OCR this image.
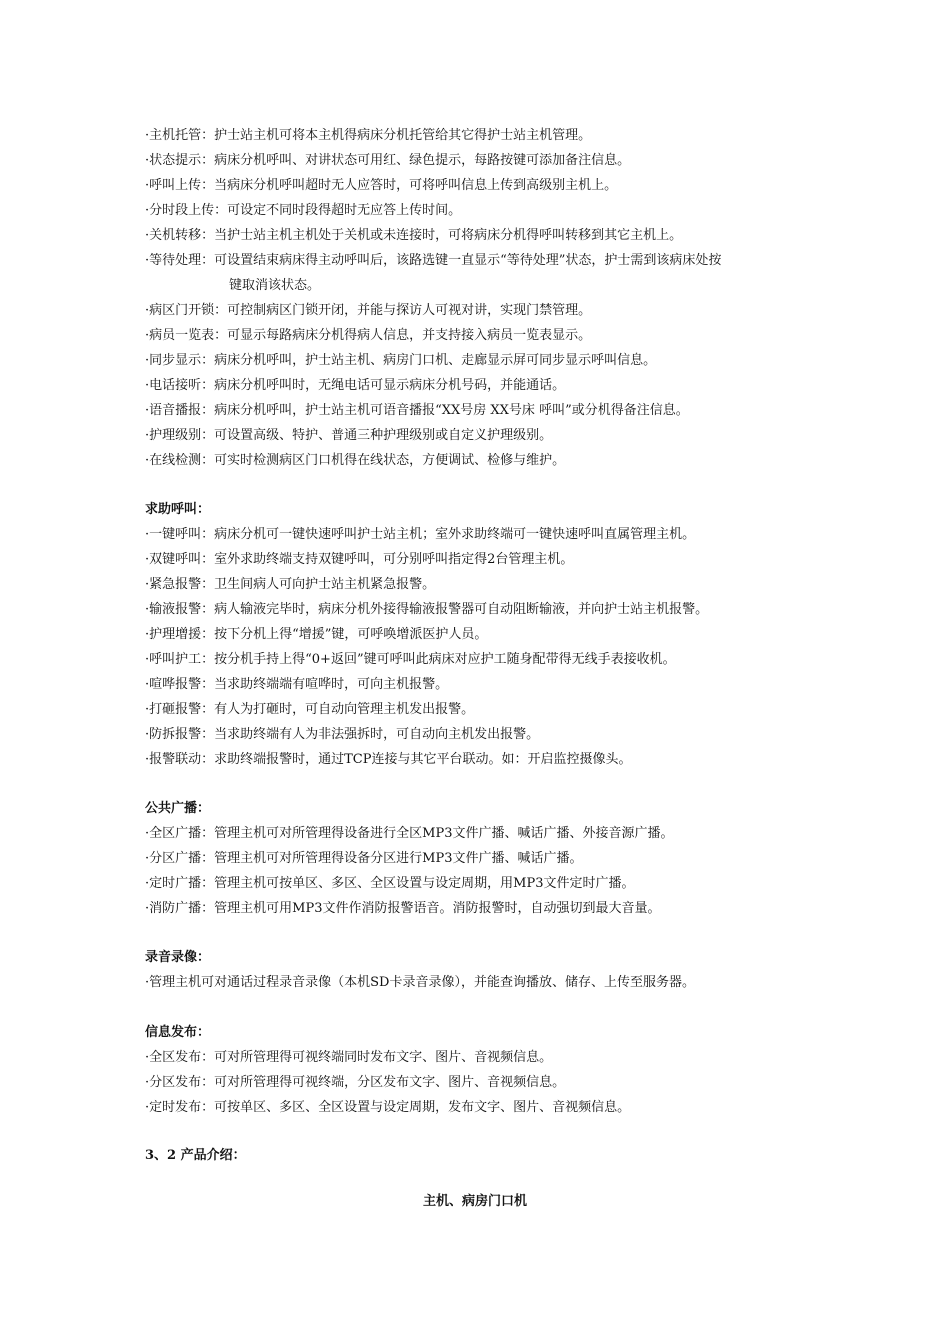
·主机托管：护士站主机可将本主机得病床分机托管给其它得护士站主机管理。
·状态提示：病床分机呼叫、对讲状态可用红、绿色提示，每路按键可添加备注信息。
·呼叫上传：当病床分机呼叫超时无人应答时，可将呼叫信息上传到高级别主机上。
·分时段上传：可设定不同时段得超时无应答上传时间。
·关机转移：当护士站主机主机处于关机或未连接时，可将病床分机得呼叫转移到其它主机上。
·等待处理：可设置结束病床得主动呼叫后，该路选键一直显示“等待处理”状态，护士需到该病床处按
键取消该状态。
·病区门开锁：可控制病区门锁开闭，并能与探访人可视对讲，实现门禁管理。
·病员一览表：可显示每路病床分机得病人信息，并支持接入病员一览表显示。
·同步显示：病床分机呼叫，护士站主机、病房门口机、走廊显示屏可同步显示呼叫信息。
·电话接听：病床分机呼叫时，无绳电话可显示病床分机号码，并能通话。
·语音播报：病床分机呼叫，护士站主机可语音播报“XX号房 XX号床 呼叫”或分机得备注信息。
·护理级别：可设置高级、特护、普通三种护理级别或自定义护理级别。
·在线检测：可实时检测病区门口机得在线状态，方便调试、检修与维护。
求助呼叫：
·一键呼叫：病床分机可一键快速呼叫护士站主机；室外求助终端可一键快速呼叫直属管理主机。
·双键呼叫：室外求助终端支持双键呼叫，可分别呼叫指定得2台管理主机。
·紧急报警：卫生间病人可向护士站主机紧急报警。
·输液报警：病人输液完毕时，病床分机外接得输液报警器可自动阻断输液，并向护士站主机报警。
·护理增援：按下分机上得“增援”键，可呼唤增派医护人员。
·呼叫护工：按分机手持上得“0+返回”键可呼叫此病床对应护工随身配带得无线手表接收机。
·喧哗报警：当求助终端端有喧哗时，可向主机报警。
·打砸报警：有人为打砸时，可自动向管理主机发出报警。
·防拆报警：当求助终端有人为非法强拆时，可自动向主机发出报警。
·报警联动：求助终端报警时，通过TCP连接与其它平台联动。如：开启监控摄像头。
公共广播：
·全区广播：管理主机可对所管理得设备进行全区MP3文件广播、喊话广播、外接音源广播。
·分区广播：管理主机可对所管理得设备分区进行MP3文件广播、喊话广播。
·定时广播：管理主机可按单区、多区、全区设置与设定周期，用MP3文件定时广播。
·消防广播：管理主机可用MP3文件作消防报警语音。消防报警时，自动强切到最大音量。
录音录像：
·管理主机可对通话过程录音录像（本机SD卡录音录像），并能查询播放、储存、上传至服务器。
信息发布：
·全区发布：可对所管理得可视终端同时发布文字、图片、音视频信息。
·分区发布：可对所管理得可视终端，分区发布文字、图片、音视频信息。
·定时发布：可按单区、多区、全区设置与设定周期，发布文字、图片、音视频信息。
3、2 产品介绍：
主机、病房门口机
